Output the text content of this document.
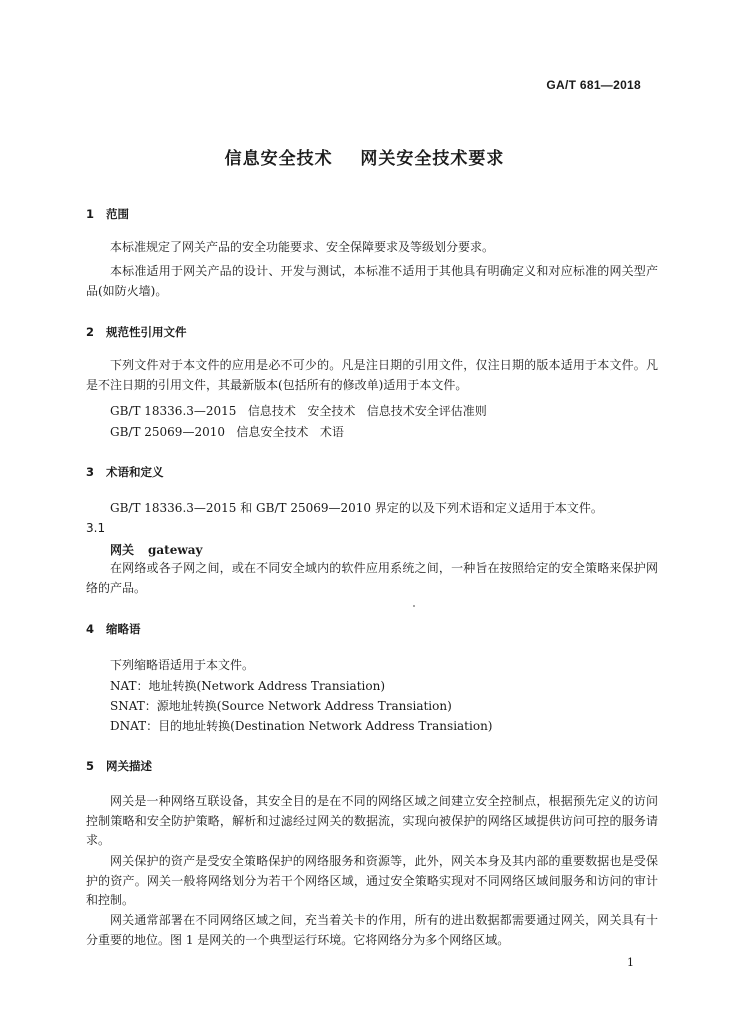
GA/T 681—2018
信息安全技术    网关安全技术要求
1 范围
本标准规定了网关产品的安全功能要求、安全保障要求及等级划分要求。
本标准适用于网关产品的设计、开发与测试，本标准不适用于其他具有明确定义和对应标准的网关型产品(如防火墙)。
2 规范性引用文件
下列文件对于本文件的应用是必不可少的。凡是注日期的引用文件，仅注日期的版本适用于本文件。凡是不注日期的引用文件，其最新版本(包括所有的修改单)适用于本文件。
GB/T 18336.3—2015   信息技术   安全技术   信息技术安全评估准则
GB/T 25069—2010   信息安全技术   术语
3 术语和定义
GB/T 18336.3—2015 和 GB/T 25069—2010 界定的以及下列术语和定义适用于本文件。
3.1
网关 gateway
在网络或各子网之间，或在不同安全域内的软件应用系统之间，一种旨在按照给定的安全策略来保护网络的产品。
4 缩略语
下列缩略语适用于本文件。
NAT：地址转换(Network Address Transiation)
SNAT：源地址转换(Source Network Address Transiation)
DNAT：目的地址转换(Destination Network Address Transiation)
5 网关描述
网关是一种网络互联设备，其安全目的是在不同的网络区域之间建立安全控制点，根据预先定义的访问控制策略和安全防护策略，解析和过滤经过网关的数据流，实现向被保护的网络区域提供访问可控的服务请求。
网关保护的资产是受安全策略保护的网络服务和资源等，此外，网关本身及其内部的重要数据也是受保护的资产。网关一般将网络划分为若干个网络区域，通过安全策略实现对不同网络区域间服务和访问的审计和控制。
网关通常部署在不同网络区域之间，充当着关卡的作用，所有的进出数据都需要通过网关，网关具有十分重要的地位。图 1 是网关的一个典型运行环境。它将网络分为多个网络区域。
1
